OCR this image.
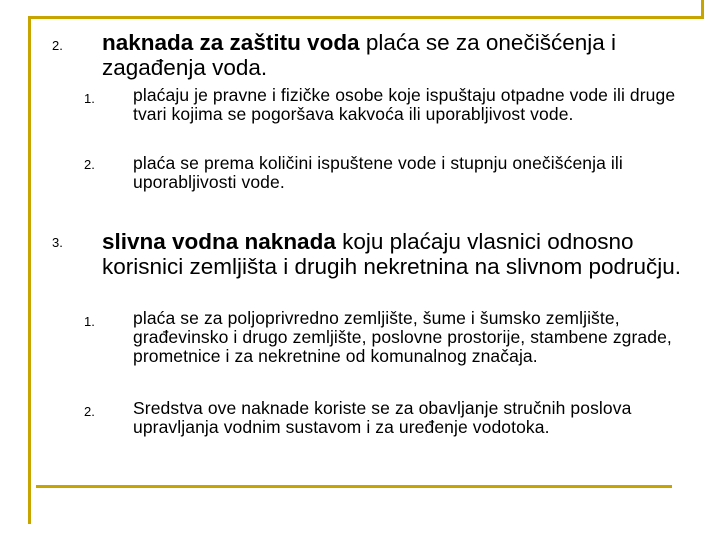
2. naknada za zaštitu voda plaća se za onečišćenja i zagađenja voda.
1. plaćaju je pravne i fizičke osobe koje ispuštaju otpadne vode ili druge tvari kojima se pogoršava kakvoća ili uporabljivost vode.
2. plaća se prema količini ispuštene vode i stupnju onečišćenja ili uporabljivosti vode.
3. slivna vodna naknada koju plaćaju vlasnici odnosno korisnici zemljišta i drugih nekretnina na slivnom području.
1. plaća se za poljoprivredno zemljište, šume i šumsko zemljište, građevinsko i drugo zemljište, poslovne prostorije, stambene zgrade, prometnice i za nekretnine od komunalnog značaja.
2. Sredstva ove naknade koriste se za obavljanje stručnih poslova upravljanja vodnim sustavom i za uređenje vodotoka.
